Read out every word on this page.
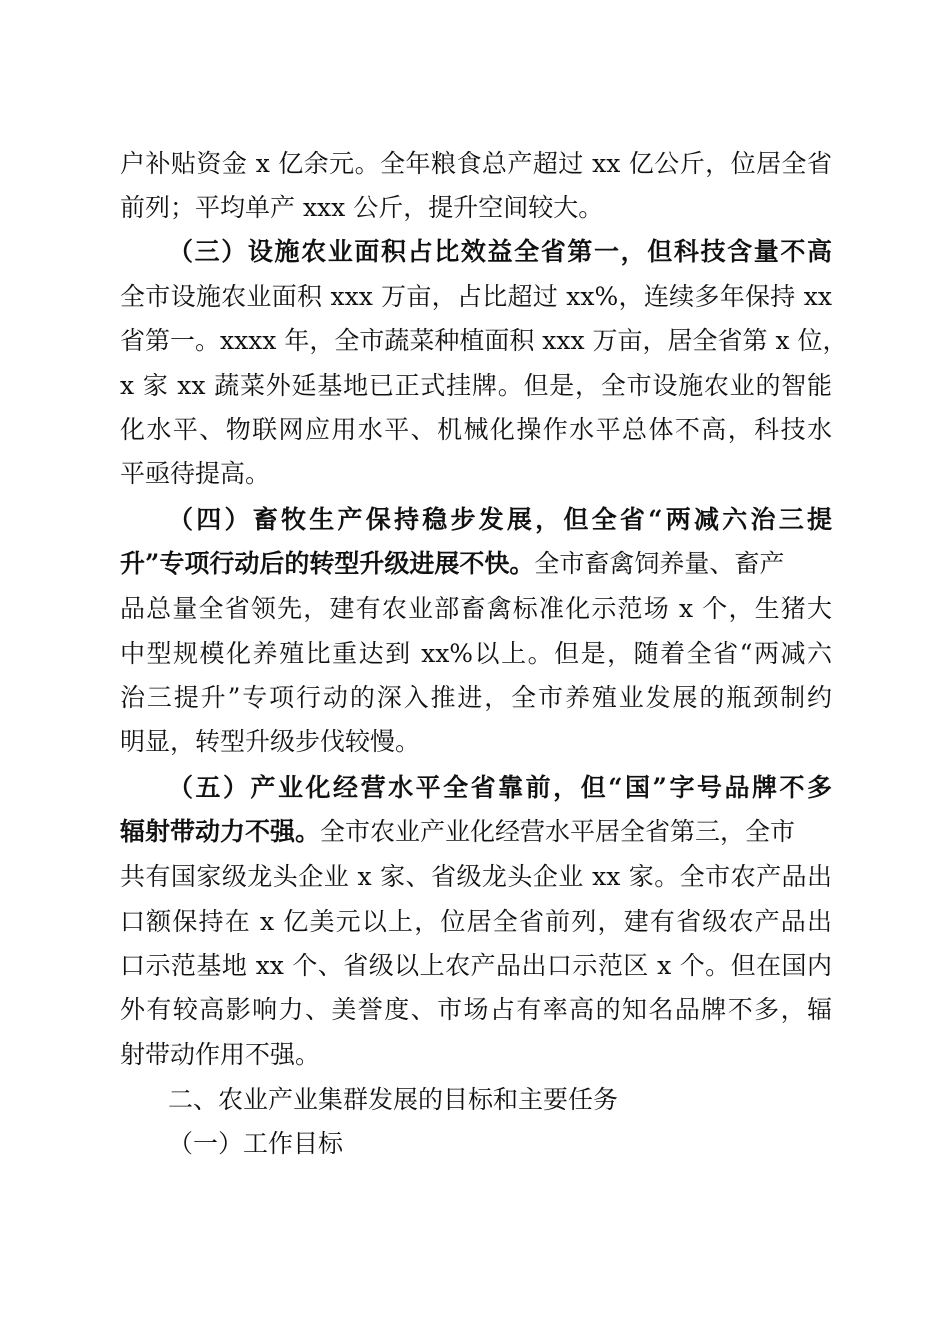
户补贴资金 x 亿余元。全年粮食总产超过 xx 亿公斤，位居全省
前列；平均单产 xxx 公斤，提升空间较大。
（三）设施农业面积占比效益全省第一，但科技含量不高
全市设施农业面积 xxx 万亩，占比超过 xx%，连续多年保持 xx
省第一。xxxx 年，全市蔬菜种植面积 xxx 万亩，居全省第 x 位，
x 家 xx 蔬菜外延基地已正式挂牌。但是，全市设施农业的智能
化水平、物联网应用水平、机械化操作水平总体不高，科技水
平亟待提高。
（四）畜牧生产保持稳步发展，但全省“两减六治三提
升”专项行动后的转型升级进展不快。全市畜禽饲养量、畜产
品总量全省领先，建有农业部畜禽标准化示范场 x 个，生猪大
中型规模化养殖比重达到 xx%以上。但是，随着全省“两减六
治三提升”专项行动的深入推进，全市养殖业发展的瓶颈制约
明显，转型升级步伐较慢。
（五）产业化经营水平全省靠前，但“国”字号品牌不多
辐射带动力不强。全市农业产业化经营水平居全省第三，全市
共有国家级龙头企业 x 家、省级龙头企业 xx 家。全市农产品出
口额保持在 x 亿美元以上，位居全省前列，建有省级农产品出
口示范基地 xx 个、省级以上农产品出口示范区 x 个。但在国内
外有较高影响力、美誉度、市场占有率高的知名品牌不多，辐
射带动作用不强。
二、农业产业集群发展的目标和主要任务
（一）工作目标
